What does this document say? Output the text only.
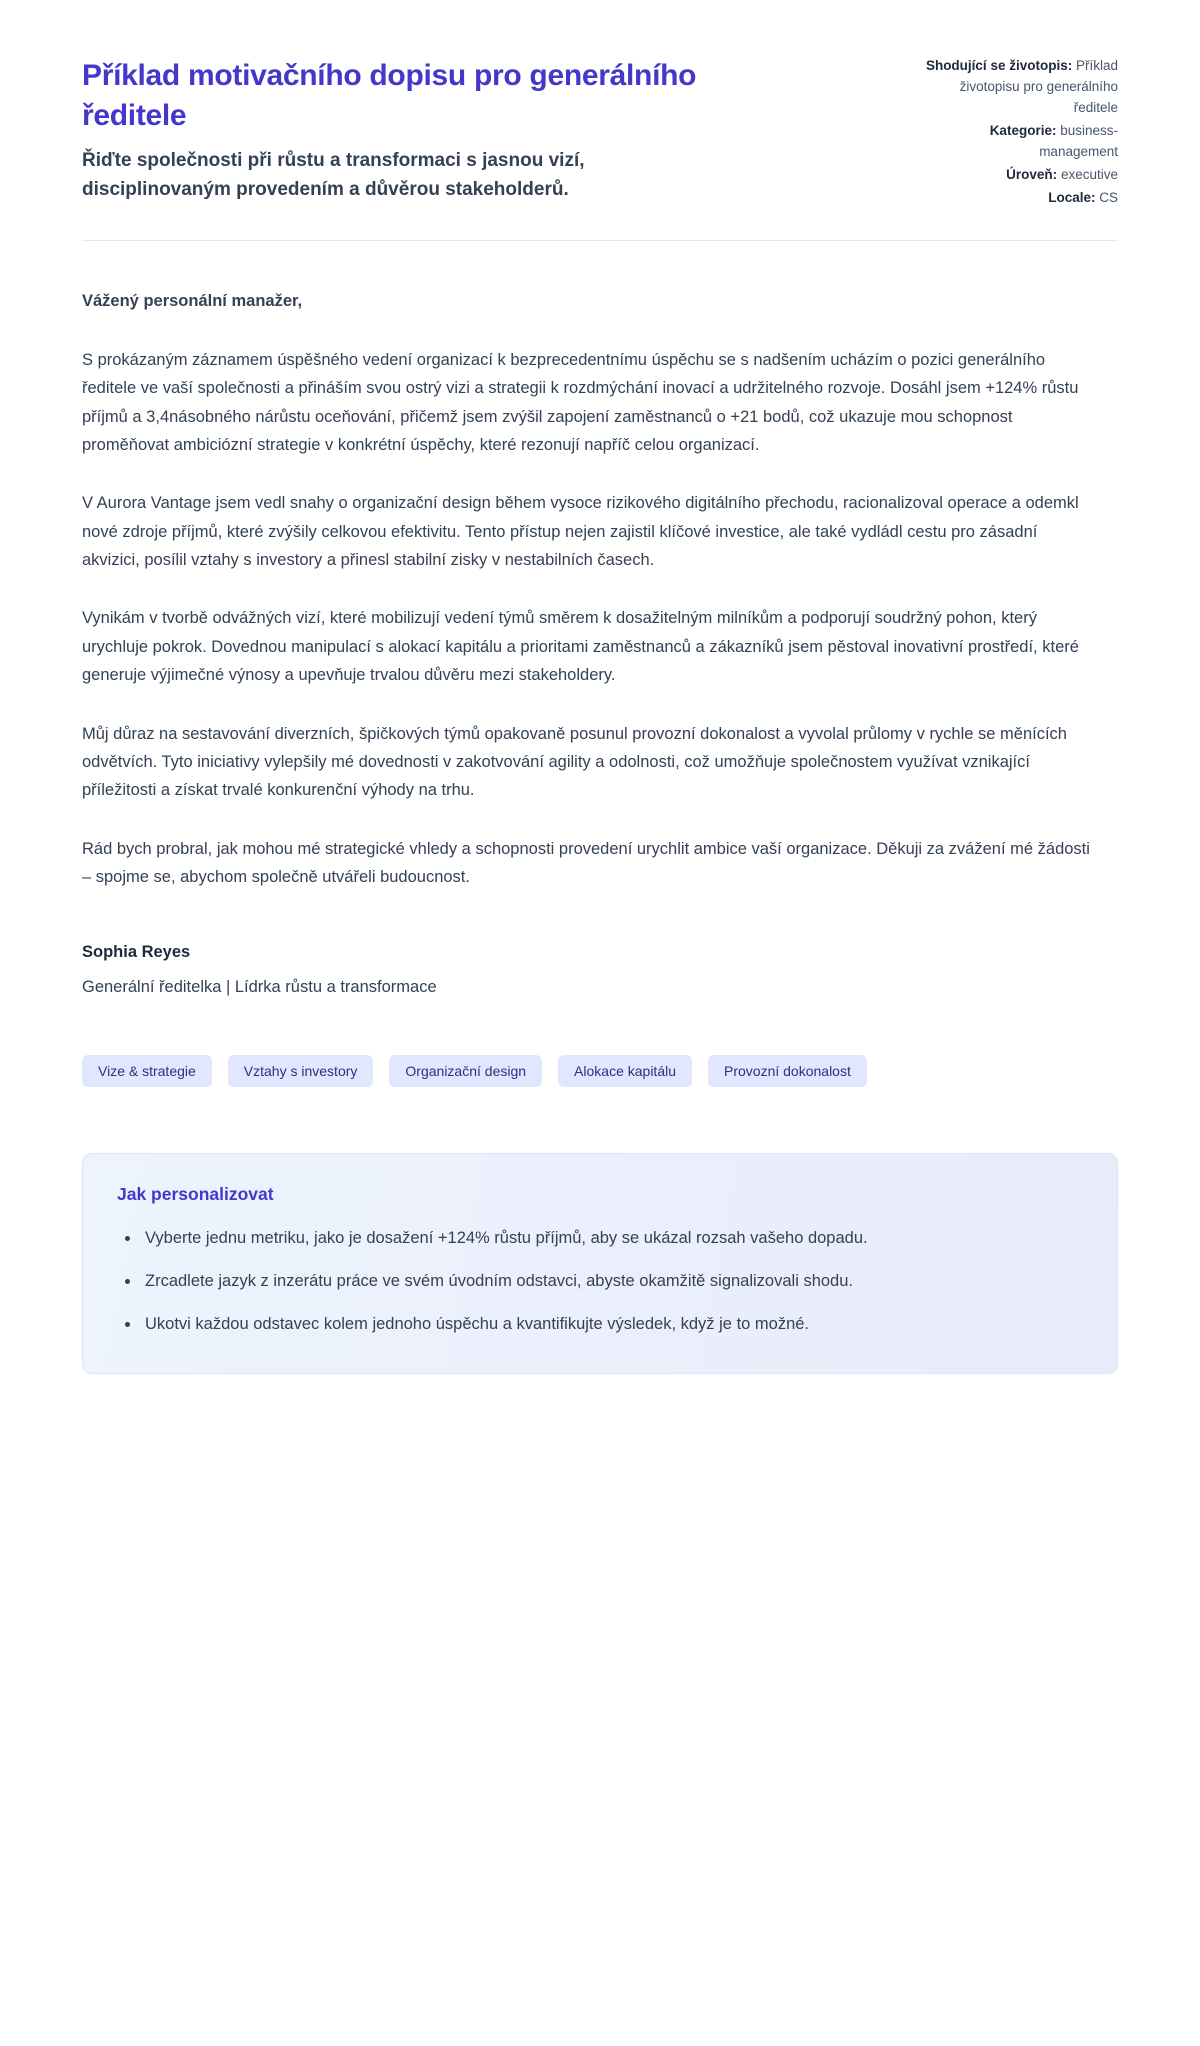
Příklad motivačního dopisu pro generálního ředitele

Řiďte společnosti při růstu a transformaci s jasnou vizí, disciplinovaným provedením a důvěrou stakeholderů.

Shodující se životopis: Příklad životopisu pro generálního ředitele
Kategorie: business-management
Úroveň: executive
Locale: CS

Vážený personální manažer,

S prokázaným záznamem úspěšného vedení organizací k bezprecedentnímu úspěchu se s nadšením ucházím o pozici generálního ředitele ve vaší společnosti a přináším svou ostrý vizi a strategii k rozdmýchání inovací a udržitelného rozvoje. Dosáhl jsem +124% růstu příjmů a 3,4násobného nárůstu oceňování, přičemž jsem zvýšil zapojení zaměstnanců o +21 bodů, což ukazuje mou schopnost proměňovat ambiciózní strategie v konkrétní úspěchy, které rezonují napříč celou organizací.

V Aurora Vantage jsem vedl snahy o organizační design během vysoce rizikového digitálního přechodu, racionalizoval operace a odemkl nové zdroje příjmů, které zvýšily celkovou efektivitu. Tento přístup nejen zajistil klíčové investice, ale také vydládl cestu pro zásadní akvizici, posílil vztahy s investory a přinesl stabilní zisky v nestabilních časech.

Vynikám v tvorbě odvážných vizí, které mobilizují vedení týmů směrem k dosažitelným milníkům a podporují soudržný pohon, který urychluje pokrok. Dovednou manipulací s alokací kapitálu a prioritami zaměstnanců a zákazníků jsem pěstoval inovativní prostředí, které generuje výjimečné výnosy a upevňuje trvalou důvěru mezi stakeholdery.

Můj důraz na sestavování diverzních, špičkových týmů opakovaně posunul provozní dokonalost a vyvolal průlomy v rychle se měnících odvětvích. Tyto iniciativy vylepšily mé dovednosti v zakotvování agility a odolnosti, což umožňuje společnostem využívat vznikající příležitosti a získat trvalé konkurenční výhody na trhu.

Rád bych probral, jak mohou mé strategické vhledy a schopnosti provedení urychlit ambice vaší organizace. Děkuji za zvážení mé žádosti – spojme se, abychom společně utvářeli budoucnost.

Sophia Reyes

Generální ředitelka | Lídrka růstu a transformace

Vize & strategie	Vztahy s investory	Organizační design	Alokace kapitálu	Provozní dokonalost
Jak personalizovat
• Vyberte jednu metriku, jako je dosažení +124% růstu příjmů, aby se ukázal rozsah vašeho dopadu.
• Zrcadlete jazyk z inzerátu práce ve svém úvodním odstavci, abyste okamžitě signalizovali shodu.
• Ukotvi každou odstavec kolem jednoho úspěchu a kvantifikujte výsledek, když je to možné.
